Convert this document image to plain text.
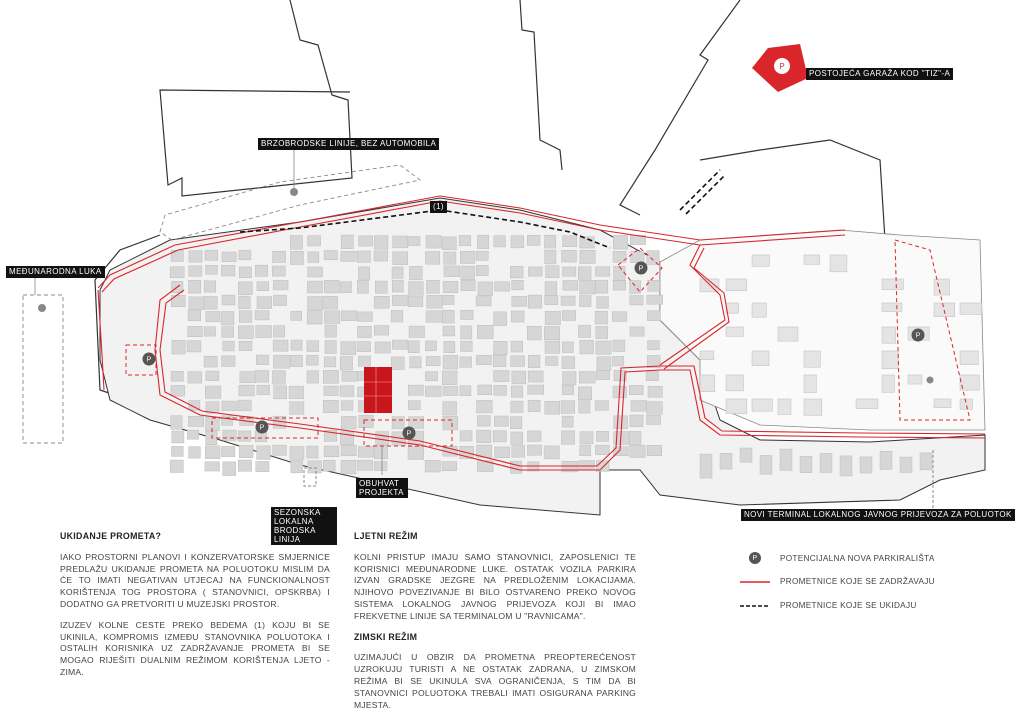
P
P
P
P
P
P
POSTOJEĆA GARAŽA KOD "TIZ"-A
BRZOBRODSKE LINIJE, BEZ AUTOMOBILA
MEĐUNARODNA LUKA
(1)
SEZONSKA LOKALNA BRODSKA LINIJA
OBUHVAT PROJEKTA
NOVI TERMINAL LOKALNOG JAVNOG PRIJEVOZA ZA POLUOTOK
UKIDANJE PROMETA?

IAKO PROSTORNI PLANOVI I KONZERVATORSKE SMJERNICE PREDLAŽU UKIDANJE PROMETA NA POLUOTOKU MISLIM DA ĆE TO IMATI NEGATIVAN UTJECAJ NA FUNCKIONALNOST KORIŠTENJA TOG PROSTORA ( STANOVNICI, OPSKRBA) I DODATNO GA PRETVORITI U MUZEJSKI PROSTOR.

IZUZEV KOLNE CESTE PREKO BEDEMA (1) KOJU BI SE UKINILA, KOMPROMIS IZMEĐU STANOVNIKA POLUOTOKA I OSTALIH KORISNIKA UZ ZADRŽAVANJE PROMETA BI SE MOGAO RIJEŠITI DUALNIM REŽIMOM KORIŠTENJA LJETO - ZIMA.

LJETNI REŽIM

KOLNI PRISTUP IMAJU SAMO STANOVNICI, ZAPOSLENICI TE KORISNICI MEĐUNARODNE LUKE. OSTATAK VOZILA PARKIRA IZVAN GRADSKE JEZGRE NA PREDLOŽENIM LOKACIJAMA. NJIHOVO POVEZIVANJE BI BILO OSTVARENO PREKO NOVOG SISTEMA LOKALNOG JAVNOG PRIJEVOZA KOJI BI IMAO FREKVETNE LINIJE SA TERMINALOM U "RAVNICAMA".

ZIMSKI REŽIM

UZIMAJUĆI U OBZIR DA PROMETNA PREOPTEREĆENOST UZROKUJU TURISTI A NE OSTATAK ZADRANA, U ZIMSKOM REŽIMA BI SE UKINULA SVA OGRANIČENJA, S TIM DA BI STANOVNICI POLUOTOKA TREBALI IMATI OSIGURANA PARKING MJESTA.

P	POTENCIJALNA NOVA PARKIRALIŠTA
PROMETNICE KOJE SE ZADRŽAVAJU
PROMETNICE KOJE SE UKIDAJU
